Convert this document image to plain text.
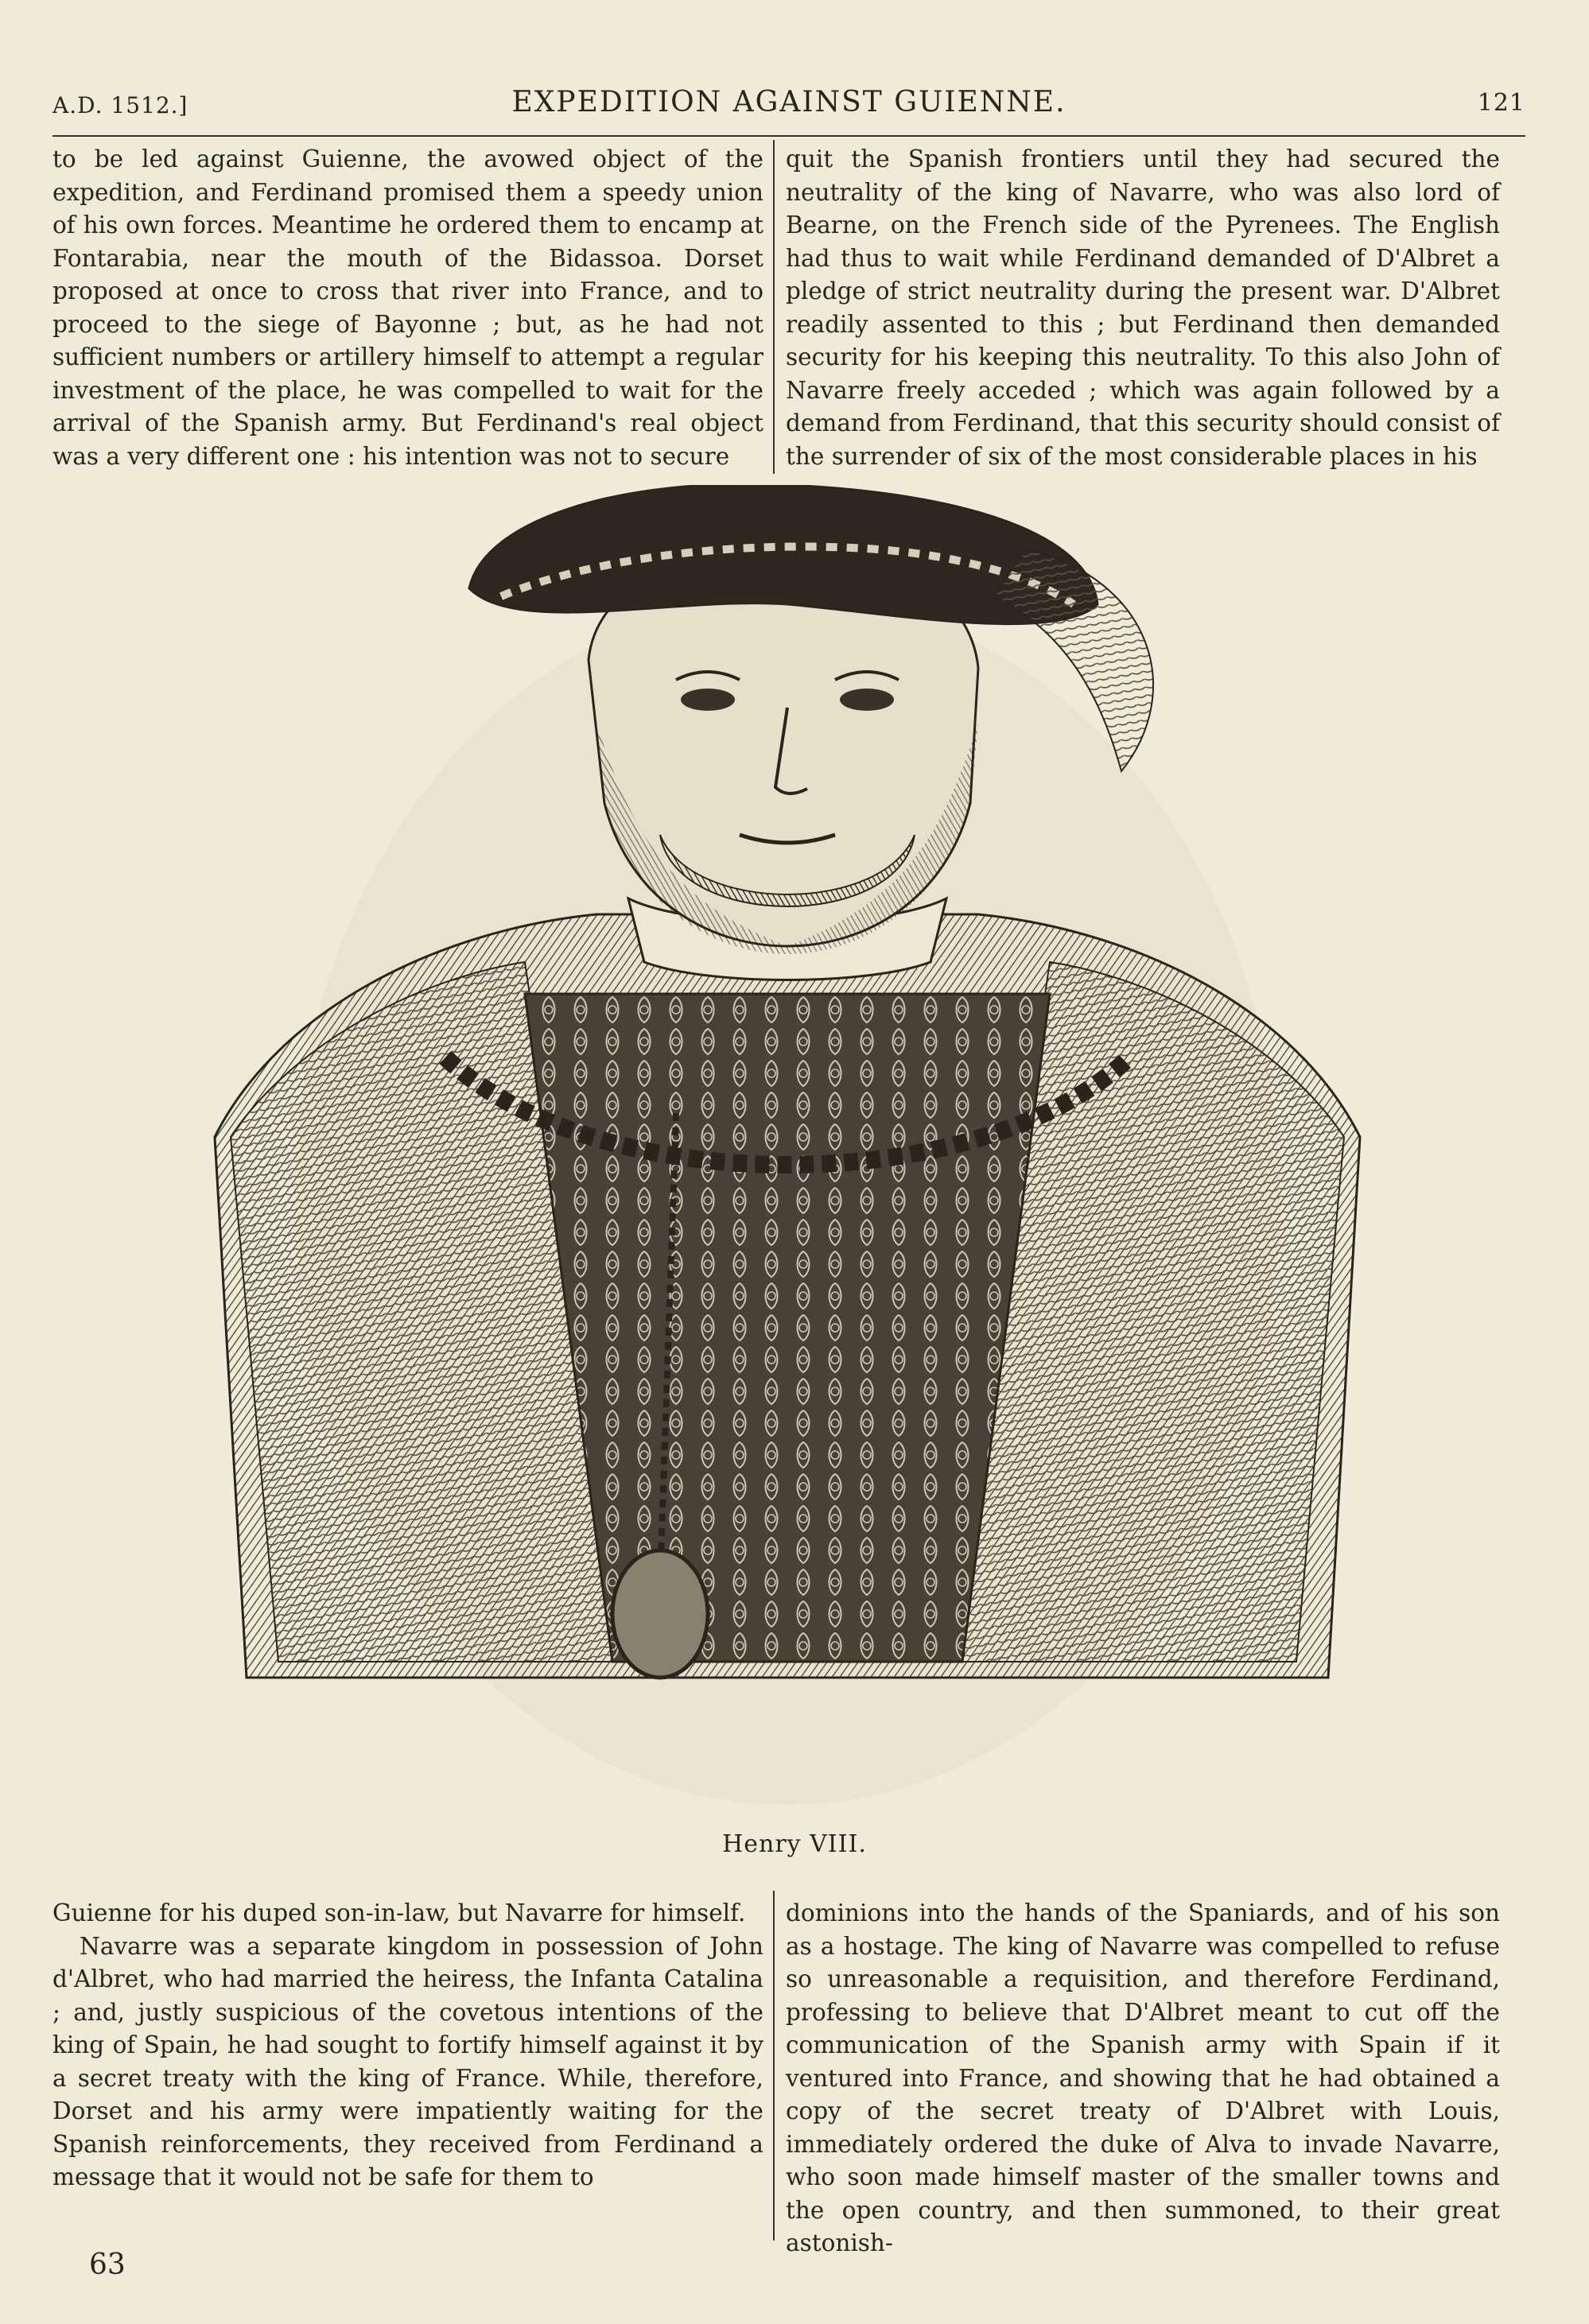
A.D. 1512.]	EXPEDITION AGAINST GUIENNE.	121

to be led against Guienne, the avowed object of the expedition, and Ferdinand promised them a speedy union of his own forces. Meantime he ordered them to encamp at Fontarabia, near the mouth of the Bidassoa. Dorset proposed at once to cross that river into France, and to proceed to the siege of Bayonne ; but, as he had not sufficient numbers or artillery himself to attempt a regular investment of the place, he was compelled to wait for the arrival of the Spanish army. But Ferdinand's real object was a very different one : his intention was not to secure

quit the Spanish frontiers until they had secured the neutrality of the king of Navarre, who was also lord of Bearne, on the French side of the Pyrenees. The English had thus to wait while Ferdinand demanded of D'Albret a pledge of strict neutrality during the present war. D'Albret readily assented to this ; but Ferdinand then demanded security for his keeping this neutrality. To this also John of Navarre freely acceded ; which was again followed by a demand from Ferdinand, that this security should consist of the surrender of six of the most considerable places in his

Henry VIII.

Guienne for his duped son-in-law, but Navarre for himself.

Navarre was a separate kingdom in possession of John d'Albret, who had married the heiress, the Infanta Catalina ; and, justly suspicious of the covetous intentions of the king of Spain, he had sought to fortify himself against it by a secret treaty with the king of France. While, therefore, Dorset and his army were impatiently waiting for the Spanish reinforcements, they received from Ferdinand a message that it would not be safe for them to

dominions into the hands of the Spaniards, and of his son as a hostage. The king of Navarre was compelled to refuse so unreasonable a requisition, and therefore Ferdinand, professing to believe that D'Albret meant to cut off the communication of the Spanish army with Spain if it ventured into France, and showing that he had obtained a copy of the secret treaty of D'Albret with Louis, immediately ordered the duke of Alva to invade Navarre, who soon made himself master of the smaller towns and the open country, and then summoned, to their great astonish-

63
